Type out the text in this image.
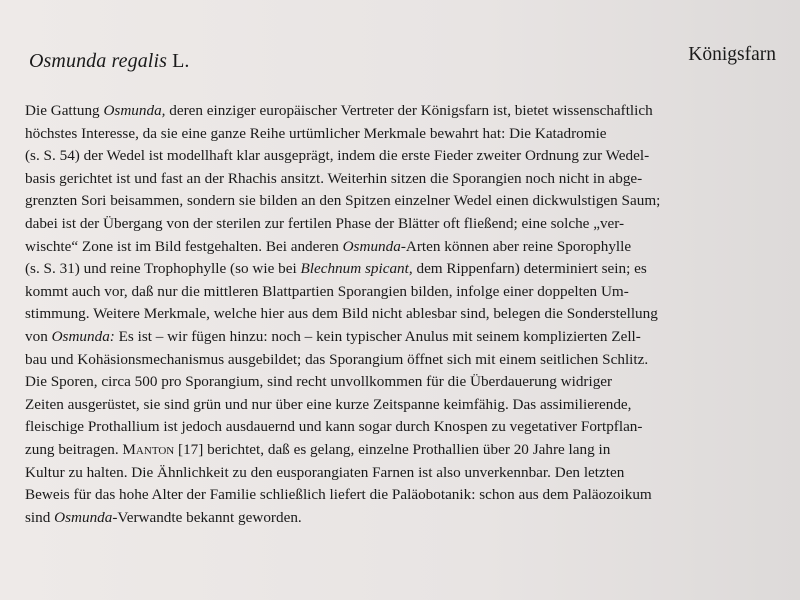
Osmunda regalis L.	Königsfarn
Die Gattung Osmunda, deren einziger europäischer Vertreter der Königsfarn ist, bietet wissenschaftlich
höchstes Interesse, da sie eine ganze Reihe urtümlicher Merkmale bewahrt hat: Die Katadromie
(s. S. 54) der Wedel ist modellhaft klar ausgeprägt, indem die erste Fieder zweiter Ordnung zur Wedel-
basis gerichtet ist und fast an der Rhachis ansitzt. Weiterhin sitzen die Sporangien noch nicht in abge-
grenzten Sori beisammen, sondern sie bilden an den Spitzen einzelner Wedel einen dickwulstigen Saum;
dabei ist der Übergang von der sterilen zur fertilen Phase der Blätter oft fließend; eine solche „ver-
wischte“ Zone ist im Bild festgehalten. Bei anderen Osmunda-Arten können aber reine Sporophylle
(s. S. 31) und reine Trophophylle (so wie bei Blechnum spicant, dem Rippenfarn) determiniert sein; es
kommt auch vor, daß nur die mittleren Blattpartien Sporangien bilden, infolge einer doppelten Um-
stimmung. Weitere Merkmale, welche hier aus dem Bild nicht ablesbar sind, belegen die Sonderstellung
von Osmunda: Es ist – wir fügen hinzu: noch – kein typischer Anulus mit seinem komplizierten Zell-
bau und Kohäsionsmechanismus ausgebildet; das Sporangium öffnet sich mit einem seitlichen Schlitz.
Die Sporen, circa 500 pro Sporangium, sind recht unvollkommen für die Überdauerung widriger
Zeiten ausgerüstet, sie sind grün und nur über eine kurze Zeitspanne keimfähig. Das assimilierende,
fleischige Prothallium ist jedoch ausdauernd und kann sogar durch Knospen zu vegetativer Fortpflan-
zung beitragen. Manton [17] berichtet, daß es gelang, einzelne Prothallien über 20 Jahre lang in
Kultur zu halten. Die Ähnlichkeit zu den eusporangiaten Farnen ist also unverkennbar. Den letzten
Beweis für das hohe Alter der Familie schließlich liefert die Paläobotanik: schon aus dem Paläozoikum
sind Osmunda-Verwandte bekannt geworden.
